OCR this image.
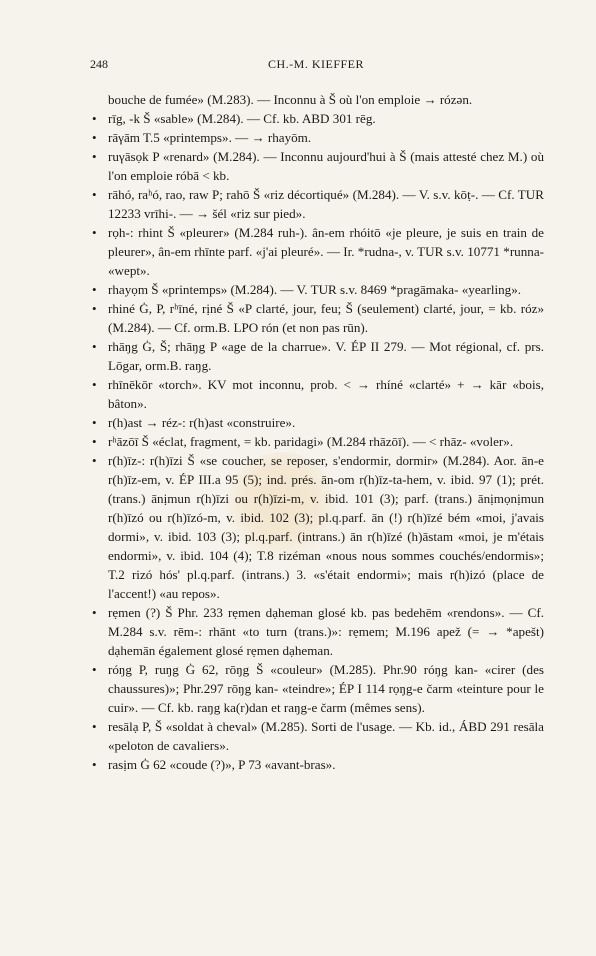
248	CH.-M. KIEFFER

bouche de fumée» (M.283). — Inconnu à Š où l'on emploie → rózən.

• rīg, -k Š «sable» (M.284). — Cf. kb. ABD 301 rēg.

• rāγām T.5 «printemps». — → rhayōm.

• ruγāsọk P «renard» (M.284). — Inconnu aujourd'hui à Š (mais attesté chez M.) où l'on emploie róbā < kb.

• rāhó, raʰó, rao, raw P; rahō Š «riz décortiqué» (M.284). — V. s.v. kōṭ-. — Cf. TUR 12233 vrīhi-. — → šél «riz sur pied».

• rọh-: rhint Š «pleurer» (M.284 ruh-). ân-em rhóitō «je pleure, je suis en train de pleurer», ân-em rhīnte parf. «j'ai pleuré». — Ir. *rudna-, v. TUR s.v. 10771 *runna- «wept».

• rhayọm Š «printemps» (M.284). — V. TUR s.v. 8469 *pragāmaka- «yearling».

• rhiné Ġ, P, rʰīné, rịné Š «P clarté, jour, feu; Š (seulement) clarté, jour, = kb. róz» (M.284). — Cf. orm.B. LPO rón (et non pas rūn).

• rhāŋg Ġ, Š; rhāŋg P «age de la charrue». V. ÉP II 279. — Mot régional, cf. prs. Lōgar, orm.B. raŋg.

• rhīnēkōr «torch». KV mot inconnu, prob. < → rhíné «clarté» + → kār «bois, bâton».

• r(h)ast → réz-: r(h)ast «construire».

• rʰāzōī Š «éclat, fragment, = kb. paridagi» (M.284 rhāzōī). — < rhāz- «voler».

• r(h)īz-: r(h)īzi Š «se coucher, se reposer, s'endormir, dormir» (M.284). Aor. ān-e r(h)īz-em, v. ÉP III.a 95 (5); ind. prés. ān-om r(h)īz-ta-hem, v. ibid. 97 (1); prét. (trans.) ānịmun r(h)īzi ou r(h)īzi-m, v. ibid. 101 (3); parf. (trans.) ānịmọnịmun r(h)īzó ou r(h)īzó-m, v. ibid. 102 (3); pl.q.parf. ān (!) r(h)īzé bém «moi, j'avais dormi», v. ibid. 103 (3); pl.q.parf. (intrans.) ān r(h)īzé (h)āstam «moi, je m'étais endormi», v. ibid. 104 (4); T.8 rizéman «nous nous sommes couchés/endormis»; T.2 rizó hós' pl.q.parf. (intrans.) 3. «s'était endormi»; mais r(h)izó (place de l'accent!) «au repos».

• rẹmen (?) Š Phr. 233 rẹmen dạheman glosé kb. pas bedehēm «rendons». — Cf. M.284 s.v. rēm-: rhānt «to turn (trans.)»: rẹmem; M.196 apež (= → *apešt) dạhemān également glosé rẹmen dạheman.

• róŋg P, ruŋg Ġ 62, rōŋg Š «couleur» (M.285). Phr.90 róŋg kan- «cirer (des chaussures)»; Phr.297 rōŋg kan- «teindre»; ÉP I 114 rọŋg-e čarm «teinture pour le cuir». — Cf. kb. raŋg ka(r)dan et raŋg-e čarm (mêmes sens).

• resālạ P, Š «soldat à cheval» (M.285). Sorti de l'usage. — Kb. id., ÁBD 291 resāla «peloton de cavaliers».

• rasịm Ġ 62 «coude (?)», P 73 «avant-bras».
